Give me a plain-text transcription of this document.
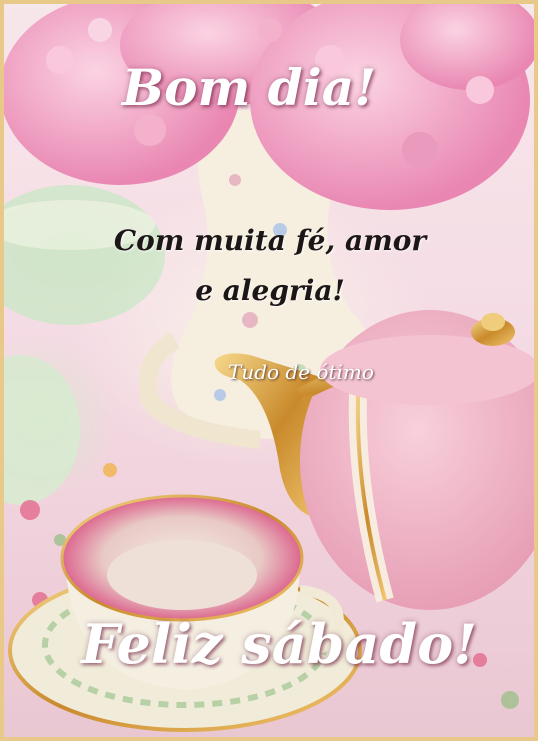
Bom dia!
Com muita fé, amor
e alegria!
Tudo de ótimo
Feliz sábado!
